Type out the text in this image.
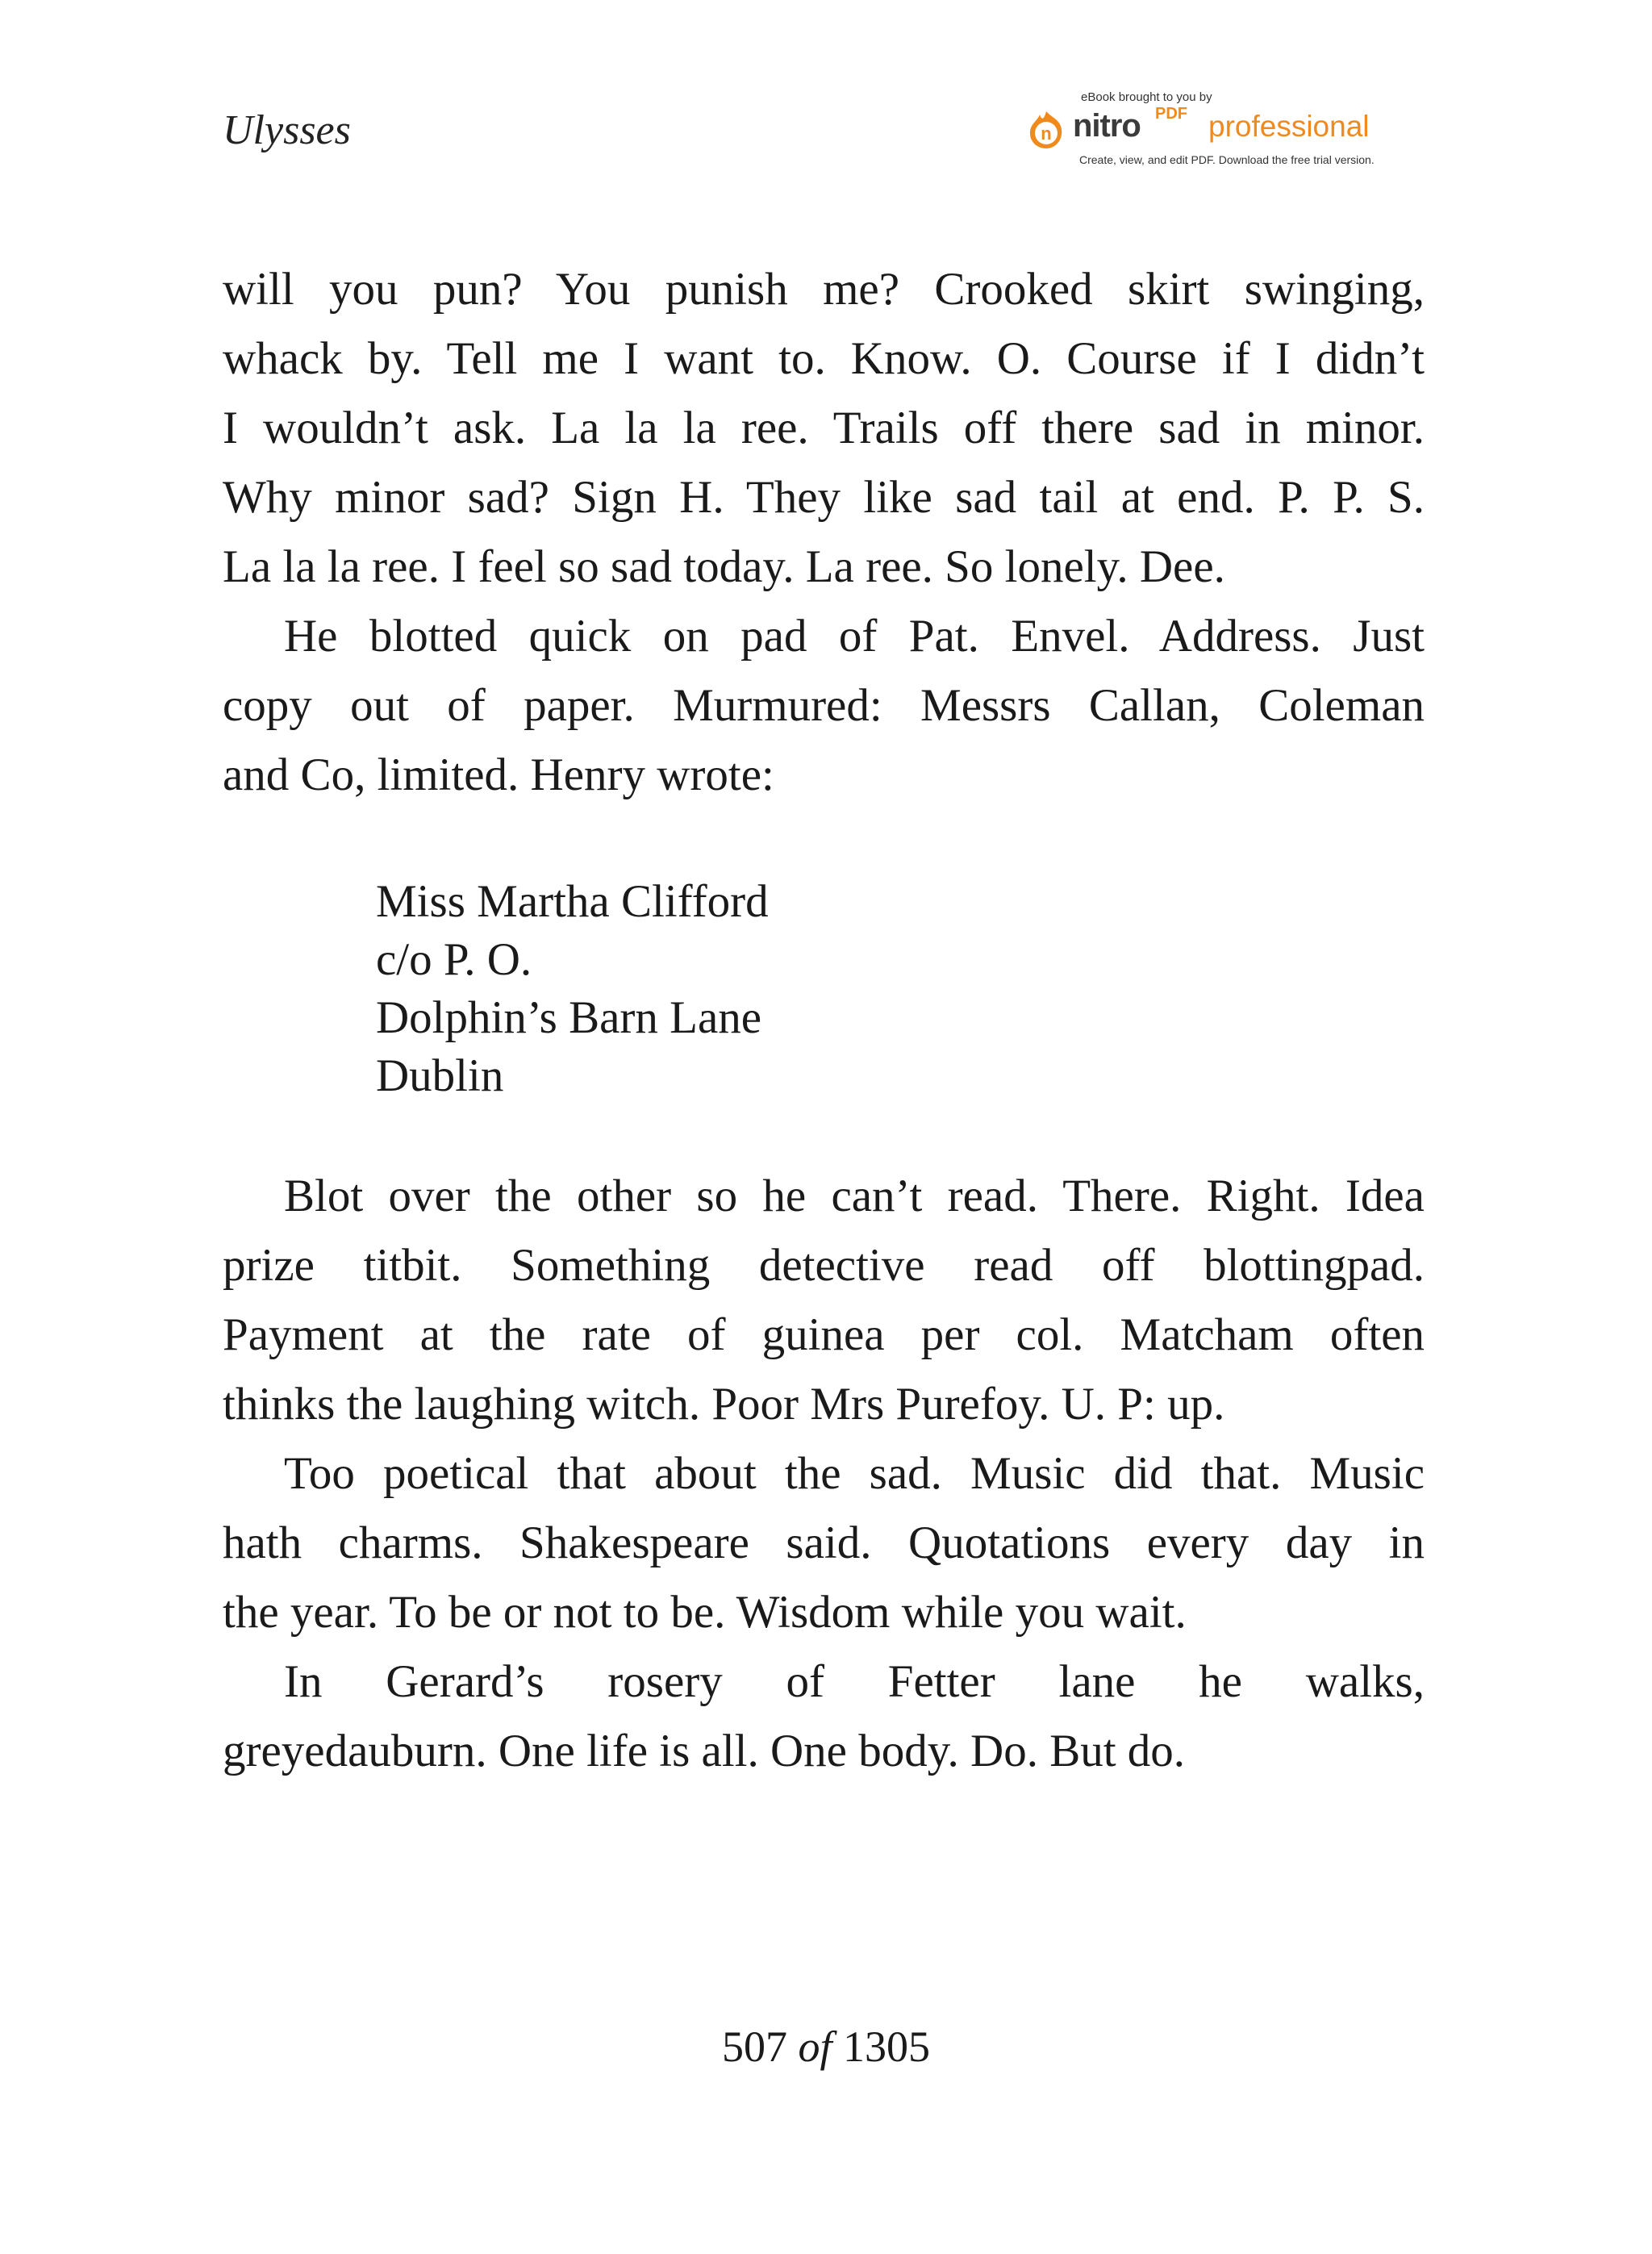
Ulysses
eBook brought to you by
n nitro PDF professional
Create, view, and edit PDF. Download the free trial version.
will you pun? You punish me? Crooked skirt swinging,
whack by. Tell me I want to. Know. O. Course if I didn’t
I wouldn’t ask. La la la ree. Trails off there sad in minor.
Why minor sad? Sign H. They like sad tail at end. P. P. S.
La la la ree. I feel so sad today. La ree. So lonely. Dee.
He blotted quick on pad of Pat. Envel. Address. Just
copy out of paper. Murmured: Messrs Callan, Coleman
and Co, limited. Henry wrote:
Miss Martha Clifford
c/o P. O.
Dolphin’s Barn Lane
Dublin
Blot over the other so he can’t read. There. Right. Idea
prize titbit. Something detective read off blottingpad.
Payment at the rate of guinea per col. Matcham often
thinks the laughing witch. Poor Mrs Purefoy. U. P: up.
Too poetical that about the sad. Music did that. Music
hath charms. Shakespeare said. Quotations every day in
the year. To be or not to be. Wisdom while you wait.
In Gerard’s rosery of Fetter lane he walks,
greyedauburn. One life is all. One body. Do. But do.
507 of 1305
